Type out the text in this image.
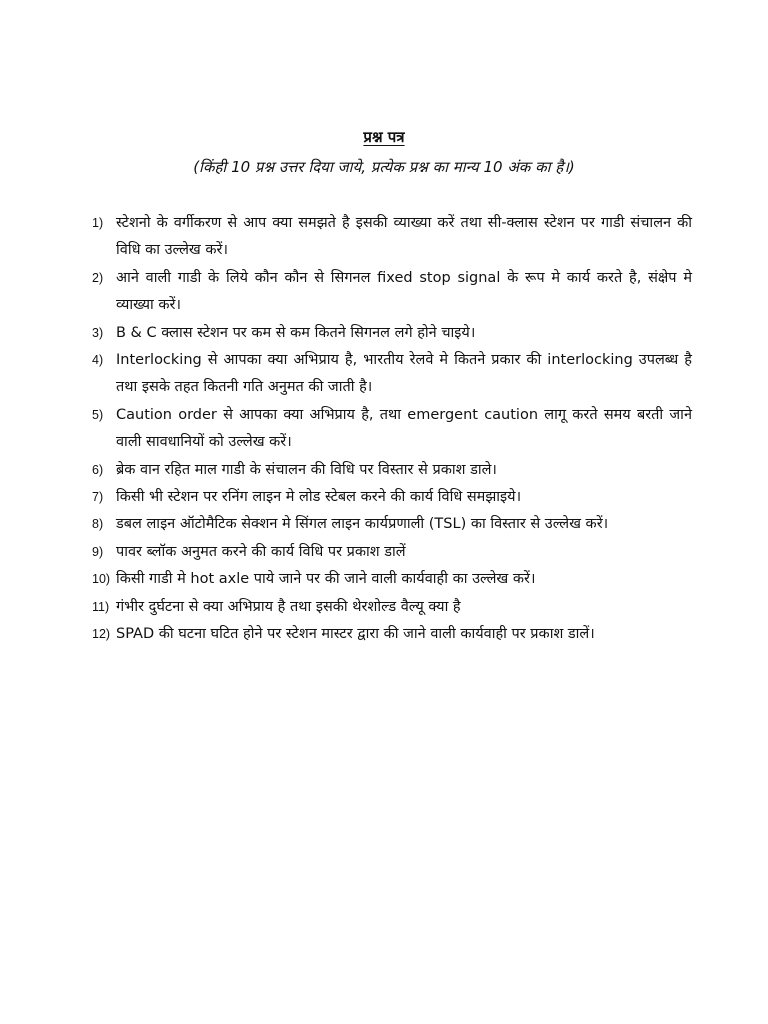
प्रश्न पत्र
(किंही 10 प्रश्न उत्तर दिया जाये, प्रत्येक प्रश्न का मान्य 10 अंक का है।)
1) स्टेशनो के वर्गीकरण से आप क्या समझते है इसकी व्याख्या करें तथा सी-क्लास स्टेशन पर गाडी संचालन की विधि का उल्लेख करें।
2) आने वाली गाडी के लिये कौन कौन से सिगनल fixed stop signal के रूप मे कार्य करते है, संक्षेप मे व्याख्या करें।
3) B & C क्लास स्टेशन पर कम से कम कितने सिगनल लगे होने चाइये।
4) Interlocking से आपका क्या अभिप्राय है, भारतीय रेलवे मे कितने प्रकार की interlocking उपलब्ध है तथा इसके तहत कितनी गति अनुमत की जाती है।
5) Caution order से आपका क्या अभिप्राय है, तथा emergent caution लागू करते समय बरती जाने वाली सावधानियों को उल्लेख करें।
6) ब्रेक वान रहित माल गाडी के संचालन की विधि पर विस्तार से प्रकाश डाले।
7) किसी भी स्टेशन पर रनिंग लाइन मे लोड स्टेबल करने की कार्य विधि समझाइये।
8) डबल लाइन ऑटोमैटिक सेक्शन मे सिंगल लाइन कार्यप्रणाली (TSL) का विस्तार से उल्लेख करें।
9) पावर ब्लॉक अनुमत करने की कार्य विधि पर प्रकाश डालें
10) किसी गाडी मे hot axle पाये जाने पर की जाने वाली कार्यवाही का उल्लेख करें।
11) गंभीर दुर्घटना से क्या अभिप्राय है तथा इसकी थेरशोल्ड वैल्यू क्या है
12) SPAD की घटना घटित होने पर स्टेशन मास्टर द्वारा की जाने वाली कार्यवाही पर प्रकाश डालें।
